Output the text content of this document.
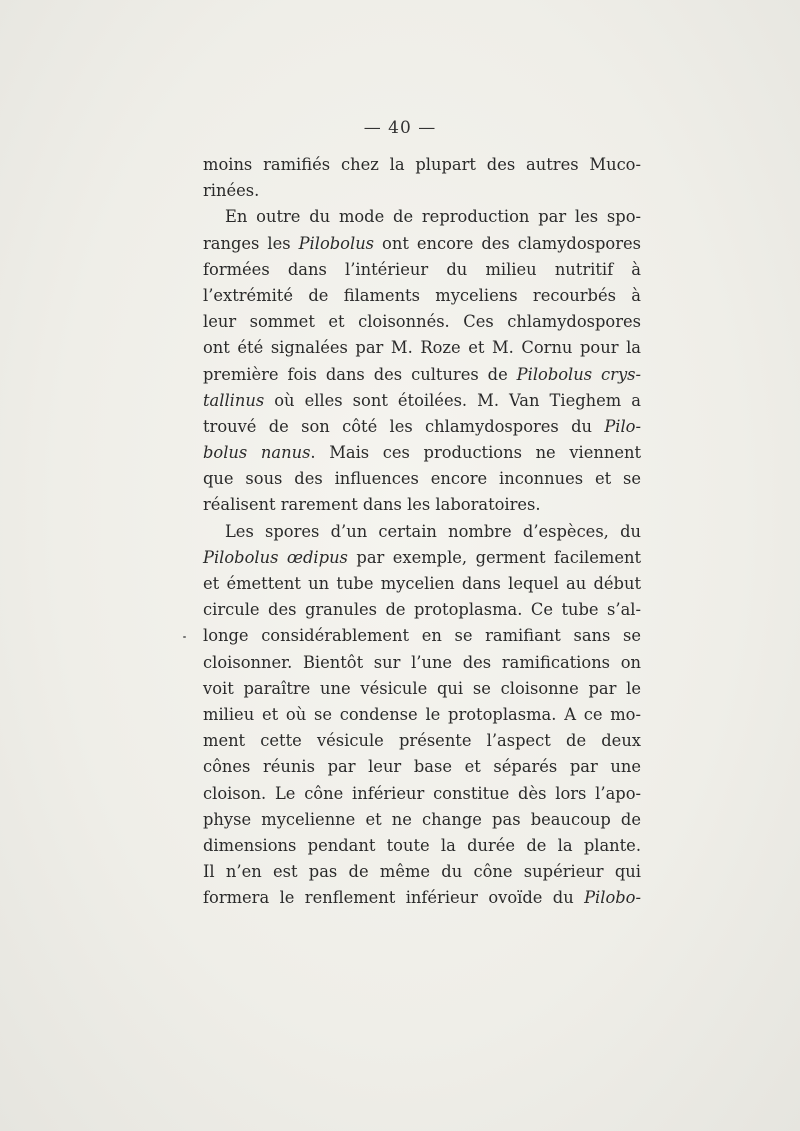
— 40 —
moins ramifiés chez la plupart des autres Muco-
rinées.
En outre du mode de reproduction par les spo-
ranges les Pilobolus ont encore des clamydospores
formées dans l’intérieur du milieu nutritif à
l’extrémité de filaments myceliens recourbés à
leur sommet et cloisonnés. Ces chlamydospores
ont été signalées par M. Roze et M. Cornu pour la
première fois dans des cultures de Pilobolus crys-
tallinus où elles sont étoilées. M. Van Tieghem a
trouvé de son côté les chlamydospores du Pilo-
bolus nanus. Mais ces productions ne viennent
que sous des influences encore inconnues et se
réalisent rarement dans les laboratoires.
Les spores d’un certain nombre d’espèces, du
Pilobolus œdipus par exemple, germent facilement
et émettent un tube mycelien dans lequel au début
circule des granules de protoplasma. Ce tube s’al-
longe considérablement en se ramifiant sans se
cloisonner. Bientôt sur l’une des ramifications on
voit paraître une vésicule qui se cloisonne par le
milieu et où se condense le protoplasma. A ce mo-
ment cette vésicule présente l’aspect de deux
cônes réunis par leur base et séparés par une
cloison. Le cône inférieur constitue dès lors l’apo-
physe mycelienne et ne change pas beaucoup de
dimensions pendant toute la durée de la plante.
Il n’en est pas de même du cône supérieur qui
formera le renflement inférieur ovoïde du Pilobo-
